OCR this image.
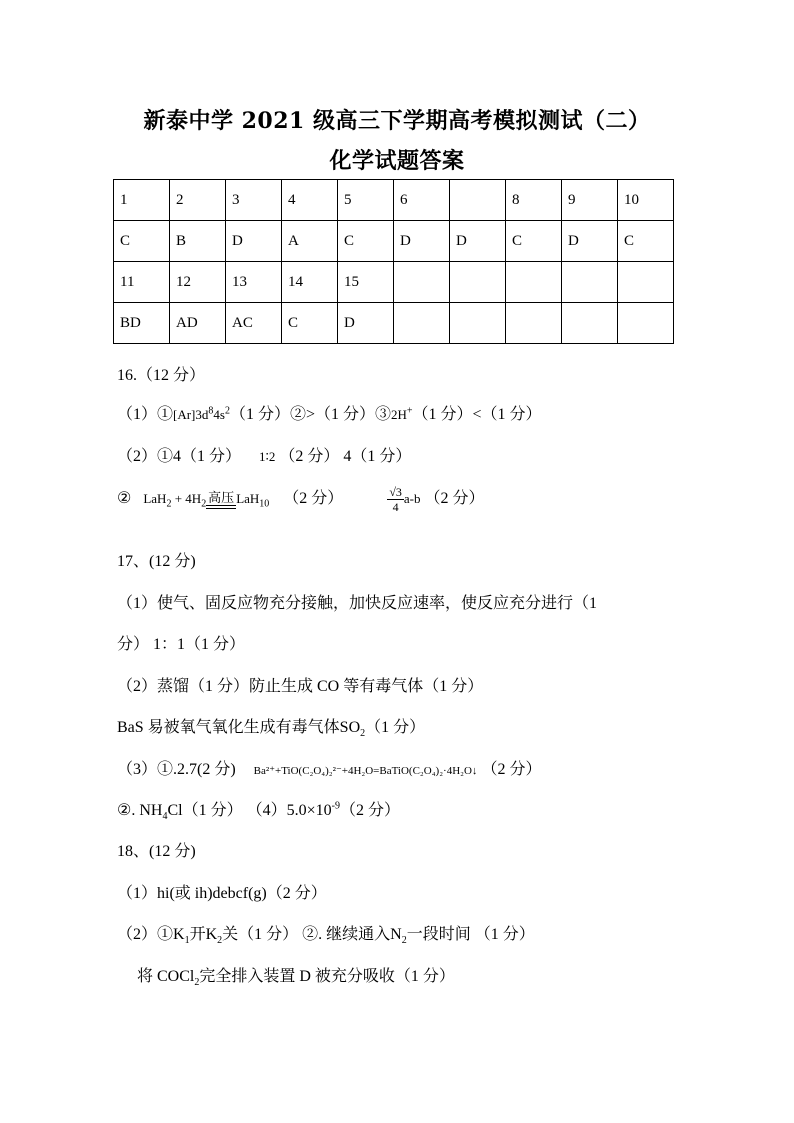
新泰中学 2021 级高三下学期高考模拟测试（二）
化学试题答案
1	2	3	4	5	6		8	9	10
C	B	D	A	C	D	D	C	D	C
11	12	13	14	15					
BD	AD	AC	C	D					
16.（12 分）
$(1)①[Ar]3d^84s^2(1$ 分）②>（1 分）③2H+（1 分）<（1 分）
（2）①4（1 分） 1∶2 （2 分） 4（1 分）
② $LaH_2 + 4H_2$ 高压 LaH$_{10}$ （2 分）	$\frac{√3}{4} a-b$ （2 分）
17、(12 分)
（1）使气、固反应物充分接触，加快反应速率，使反应充分进行（1
分） 1：1（1 分）
（2）蒸馏（1 分）防止生成 CO 等有毒气体（1 分）
BaS 易被氧气氧化生成有毒气体$SO_2(1$ 分）
（3）①.2.7(2 分) Ba²⁺+TiO(C₂O₄)₂²⁻+4H₂O=BaTiO(C₂O₄)₂·4H₂O↓ （2 分）
②. $NH_4Cl(1$ 分） $(4)5.0\times 10^{-9}(2$ 分）
18、(12 分)
（1）hi(或 ih)debcf(g)（2 分）
$(2)①K_1$开$K_2$关（1 分） ②. 继续通入$N_2$一段时间 （1 分）
将 COCl$_2$完全排入装置 D 被充分吸收（1 分）
